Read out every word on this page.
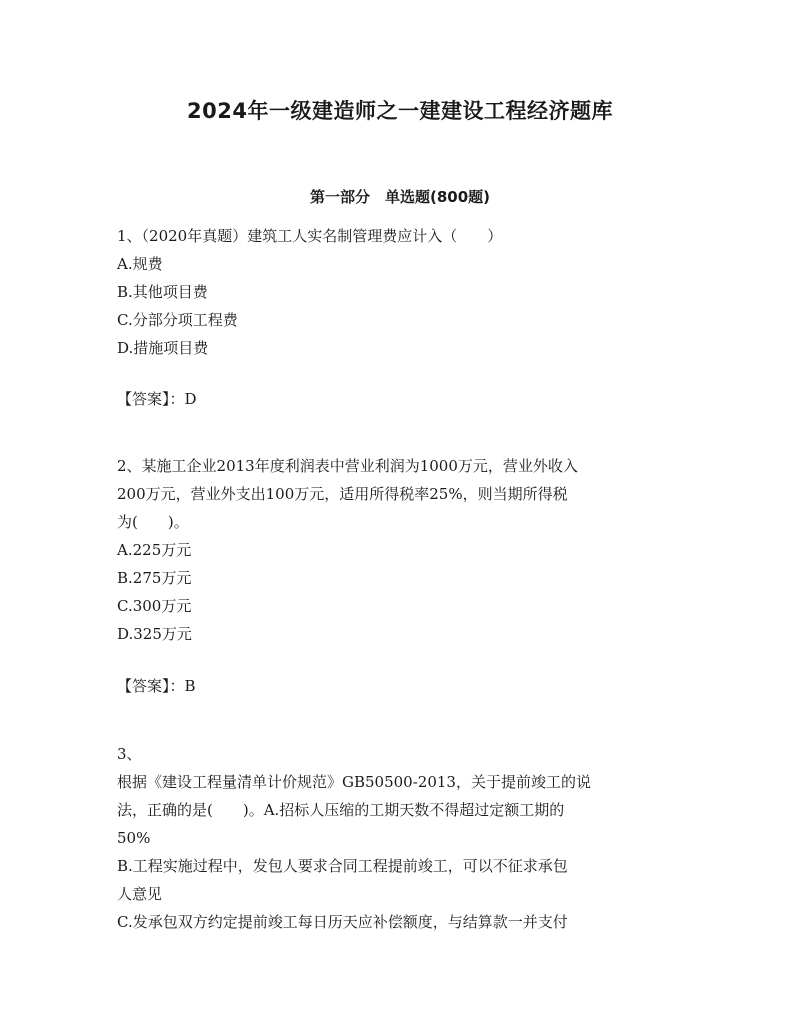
2024年一级建造师之一建建设工程经济题库
第一部分　单选题(800题)
1、（2020年真题）建筑工人实名制管理费应计入（　　）
A.规费
B.其他项目费
C.分部分项工程费
D.措施项目费
【答案】：D
2、某施工企业2013年度利润表中营业利润为1000万元，营业外收入
200万元，营业外支出100万元，适用所得税率25%，则当期所得税
为(　　)。
A.225万元
B.275万元
C.300万元
D.325万元
【答案】：B
3、
根据《建设工程量清单计价规范》GB50500-2013，关于提前竣工的说
法，正确的是(　　)。A.招标人压缩的工期天数不得超过定额工期的
50%
B.工程实施过程中，发包人要求合同工程提前竣工，可以不征求承包
人意见
C.发承包双方约定提前竣工每日历天应补偿额度，与结算款一并支付
